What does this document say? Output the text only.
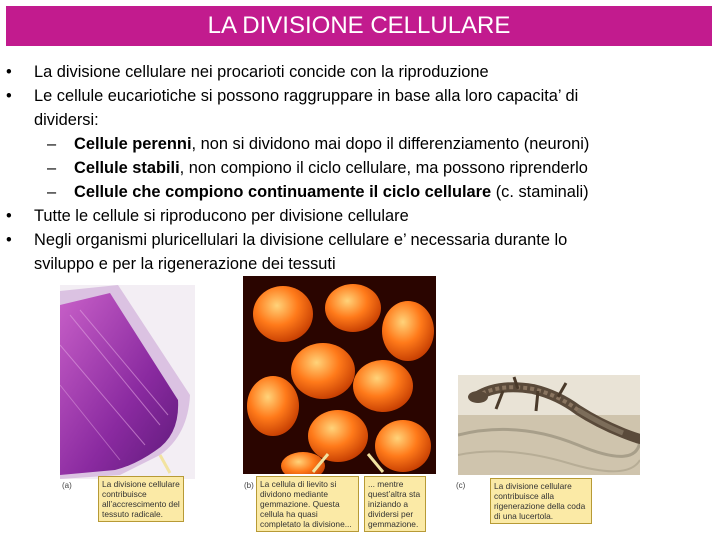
LA DIVISIONE CELLULARE
• La divisione cellulare nei procarioti concide con la riproduzione
• Le cellule eucariotiche si possono raggruppare in base alla loro capacita’ di
dividersi:
– Cellule perenni, non si dividono mai dopo il differenziamento (neuroni)
– Cellule stabili, non compiono il ciclo cellulare, ma possono riprenderlo
– Cellule che compiono continuamente il ciclo cellulare (c. staminali)
• Tutte le cellule si riproducono per divisione cellulare
• Negli organismi pluricellulari la divisione cellulare e’ necessaria durante lo
sviluppo e per la rigenerazione dei tessuti
(a)	La divisione cellulare contribuisce all’accrescimento del tessuto radicale.
(b) La cellula di lievito si dividono mediante gemmazione. Questa cellula ha quasi completato la divisione...
... mentre quest’altra sta iniziando a dividersi per gemmazione.
(c)	La divisione cellulare contribuisce alla rigenerazione della coda di una lucertola.
